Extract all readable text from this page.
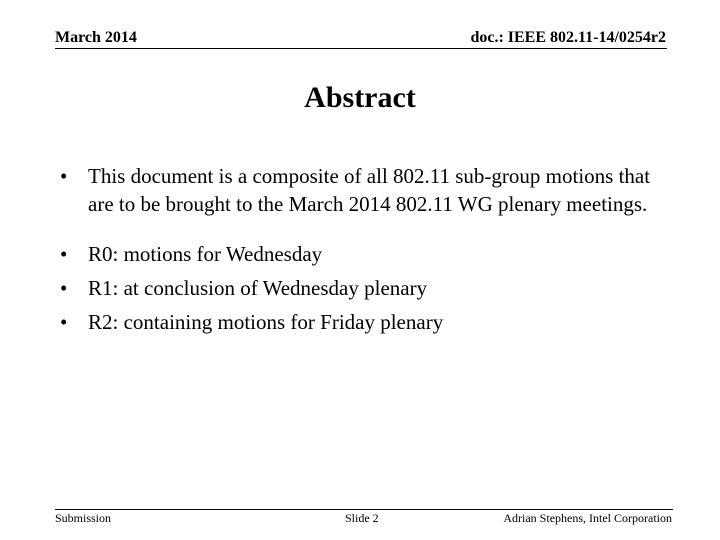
March 2014	doc.: IEEE 802.11-14/0254r2
Abstract
• This document is a composite of all 802.11 sub-group motions that are to be brought to the March 2014 802.11 WG plenary meetings.
• R0: motions for Wednesday
• R1: at conclusion of Wednesday plenary
• R2: containing motions for Friday plenary
Submission	Slide 2	Adrian Stephens, Intel Corporation
